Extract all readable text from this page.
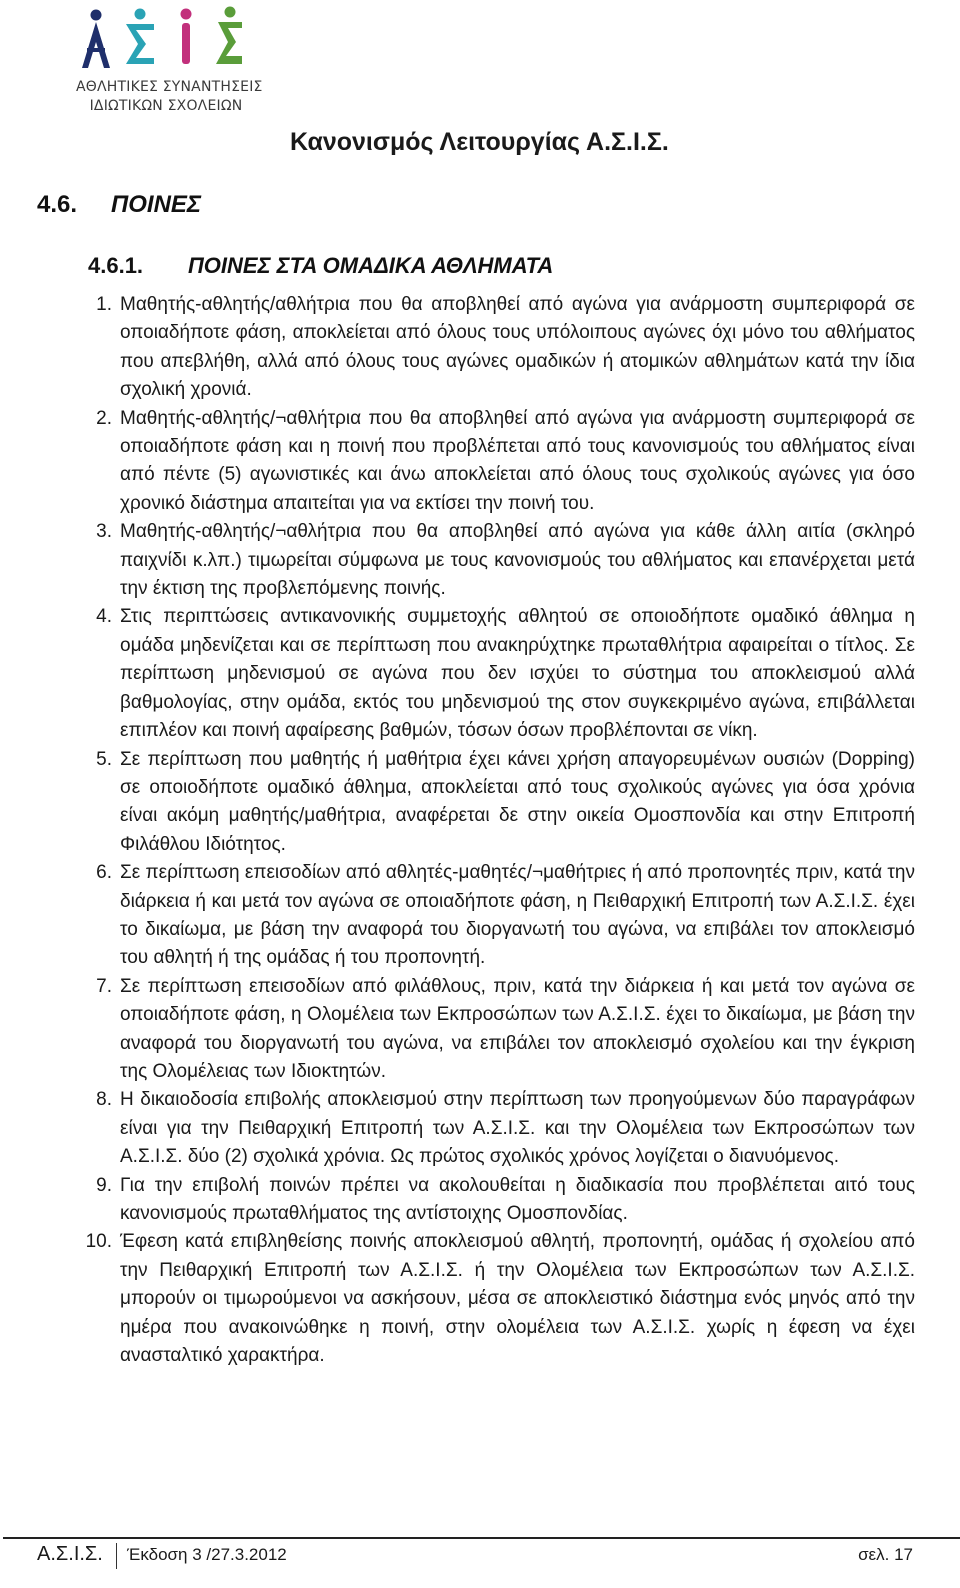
ΑΘΛΗΤΙΚΕΣ ΣΥΝΑΝΤΗΣΕΙΣ
ΙΔΙΩΤΙΚΩΝ ΣΧΟΛΕΙΩΝ
Κανονισμός Λειτουργίας Α.Σ.Ι.Σ.
4.6. ΠΟΙΝΕΣ
4.6.1. ΠΟΙΝΕΣ ΣΤΑ ΟΜΑΔΙΚΑ ΑΘΛΗΜΑΤΑ
1. Μαθητής-αθλητής/αθλήτρια που θα αποβληθεί από αγώνα για ανάρμοστη συμπεριφορά σε οποιαδήποτε φάση, αποκλείεται από όλους τους υπόλοιπους αγώνες όχι μόνο του αθλήματος που απεβλήθη, αλλά από όλους τους αγώνες ομαδικών ή ατομικών αθλημάτων κατά την ίδια σχολική χρονιά.
2. Μαθητής-αθλητής/¬αθλήτρια που θα αποβληθεί από αγώνα για ανάρμοστη συμπεριφορά σε οποιαδήποτε φάση και η ποινή που προβλέπεται από τους κανονισμούς του αθλήματος είναι από πέντε (5) αγωνιστικές και άνω αποκλείεται από όλους τους σχολικούς αγώνες για όσο χρονικό διάστημα απαιτείται για να εκτίσει την ποινή του.
3. Μαθητής-αθλητής/¬αθλήτρια που θα αποβληθεί από αγώνα για κάθε άλλη αιτία (σκληρό παιχνίδι κ.λπ.) τιμωρείται σύμφωνα με τους κανονισμούς του αθλήματος και επανέρχεται μετά την έκτιση της προβλεπόμενης ποινής.
4. Στις περιπτώσεις αντικανονικής συμμετοχής αθλητού σε οποιοδήποτε ομαδικό άθλημα η ομάδα μηδενίζεται και σε περίπτωση που ανακηρύχτηκε πρωταθλήτρια αφαιρείται ο τίτλος. Σε περίπτωση μηδενισμού σε αγώνα που δεν ισχύει το σύστημα του αποκλεισμού αλλά βαθμολογίας, στην ομάδα, εκτός του μηδενισμού της στον συγκεκριμένο αγώνα, επιβάλλεται επιπλέον και ποινή αφαίρεσης βαθμών, τόσων όσων προβλέπονται σε νίκη.
5. Σε περίπτωση που μαθητής ή μαθήτρια έχει κάνει χρήση απαγορευμένων ουσιών (Dopping) σε οποιοδήποτε ομαδικό άθλημα, αποκλείεται από τους σχολικούς αγώνες για όσα χρόνια είναι ακόμη μαθητής/μαθήτρια, αναφέρεται δε στην οικεία Ομοσπονδία και στην Επιτροπή Φιλάθλου Ιδιότητος.
6. Σε περίπτωση επεισοδίων από αθλητές-μαθητές/¬μαθήτριες ή από προπονητές πριν, κατά την διάρκεια ή και μετά τον αγώνα σε οποιαδήποτε φάση, η Πειθαρχική Επιτροπή των Α.Σ.Ι.Σ. έχει το δικαίωμα, με βάση την αναφορά του διοργανωτή του αγώνα, να επιβάλει τον αποκλεισμό του αθλητή ή της ομάδας ή του προπονητή.
7. Σε περίπτωση επεισοδίων από φιλάθλους, πριν, κατά την διάρκεια ή και μετά τον αγώνα σε οποιαδήποτε φάση, η Ολομέλεια των Εκπροσώπων των Α.Σ.Ι.Σ. έχει το δικαίωμα, με βάση την αναφορά του διοργανωτή του αγώνα, να επιβάλει τον αποκλεισμό σχολείου και την έγκριση της Ολομέλειας των Ιδιοκτητών.
8. Η δικαιοδοσία επιβολής αποκλεισμού στην περίπτωση των προηγούμενων δύο παραγράφων είναι για την Πειθαρχική Επιτροπή των Α.Σ.Ι.Σ. και την Ολομέλεια των Εκπροσώπων των Α.Σ.Ι.Σ. δύο (2) σχολικά χρόνια. Ως πρώτος σχολικός χρόνος λογίζεται ο διανυόμενος.
9. Για την επιβολή ποινών πρέπει να ακολουθείται η διαδικασία που προβλέπεται αιτό τους κανονισμούς πρωταθλήματος της αντίστοιχης Ομοσπονδίας.
10. Έφεση κατά επιβληθείσης ποινής αποκλεισμού αθλητή, προπονητή, ομάδας ή σχολείου από την Πειθαρχική Επιτροπή των Α.Σ.Ι.Σ. ή την Ολομέλεια των Εκπροσώπων των Α.Σ.Ι.Σ. μπορούν οι τιμωρούμενοι να ασκήσουν, μέσα σε αποκλειστικό διάστημα ενός μηνός από την ημέρα που ανακοινώθηκε η ποινή, στην ολομέλεια των Α.Σ.Ι.Σ. χωρίς η έφεση να έχει ανασταλτικό χαρακτήρα.
Α.Σ.Ι.Σ. Έκδοση 3 /27.3.2012	σελ. 17
